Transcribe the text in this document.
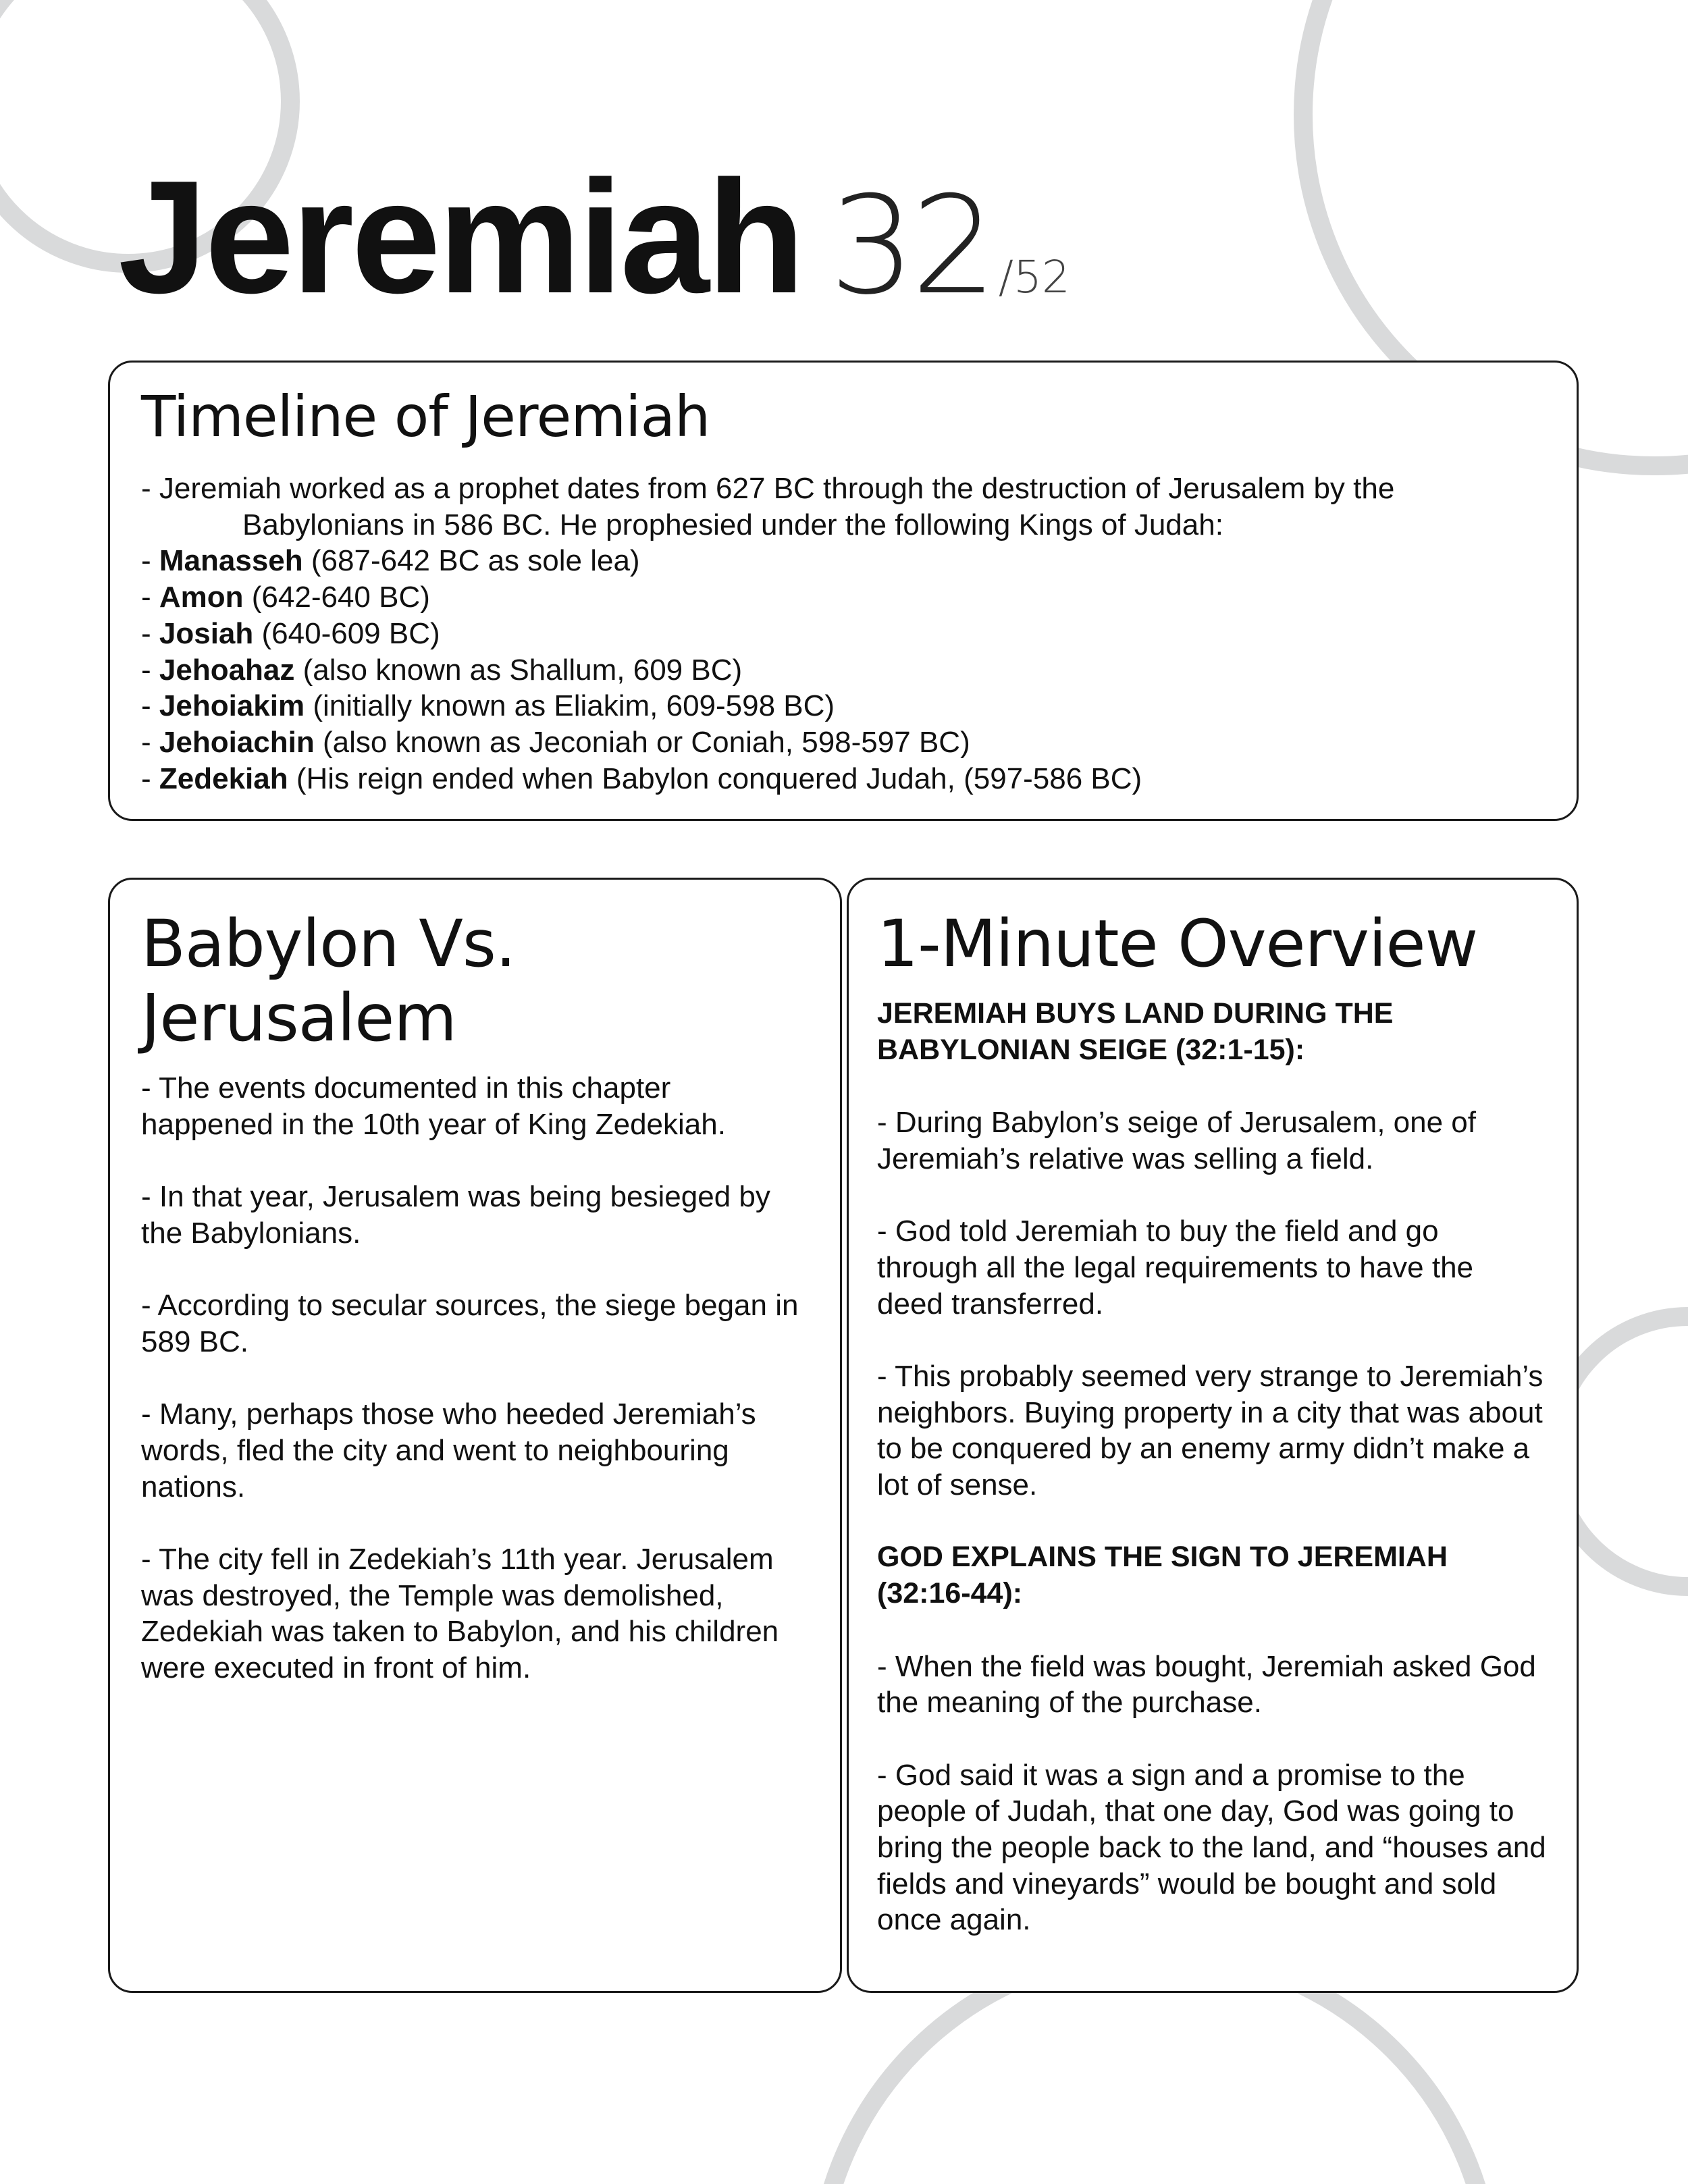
Jeremiah 32 /52
Timeline of Jeremiah
- Jeremiah worked as a prophet dates from 627 BC through the destruction of Jerusalem by the
Babylonians in 586 BC. He prophesied under the following Kings of Judah:
- Manasseh (687-642 BC as sole lea)
- Amon (642-640 BC)
- Josiah (640-609 BC)
- Jehoahaz (also known as Shallum, 609 BC)
- Jehoiakim (initially known as Eliakim, 609-598 BC)
- Jehoiachin (also known as Jeconiah or Coniah, 598-597 BC)
- Zedekiah (His reign ended when Babylon conquered Judah, (597-586 BC)
Babylon Vs. Jerusalem

- The events documented in this chapter happened in the 10th year of King Zedekiah.

- In that year, Jerusalem was being besieged by the Babylonians.

- According to secular sources, the siege began in 589 BC.

- Many, perhaps those who heeded Jeremiah’s words, fled the city and went to neighbouring nations.

- The city fell in Zedekiah’s 11th year. Jerusalem was destroyed, the Temple was demolished, Zedekiah was taken to Babylon, and his children were executed in front of him.

1-Minute Overview

JEREMIAH BUYS LAND DURING THE BABYLONIAN SEIGE (32:1-15):

- During Babylon’s seige of Jerusalem, one of Jeremiah’s relative was selling a field.

- God told Jeremiah to buy the field and go through all the legal requirements to have the deed transferred.

- This probably seemed very strange to Jeremiah’s neighbors. Buying property in a city that was about to be conquered by an enemy army didn’t make a lot of sense.

GOD EXPLAINS THE SIGN TO JEREMIAH (32:16-44):

- When the field was bought, Jeremiah asked God the meaning of the purchase.

- God said it was a sign and a promise to the people of Judah, that one day, God was going to bring the people back to the land, and “houses and fields and vineyards” would be bought and sold once again.
